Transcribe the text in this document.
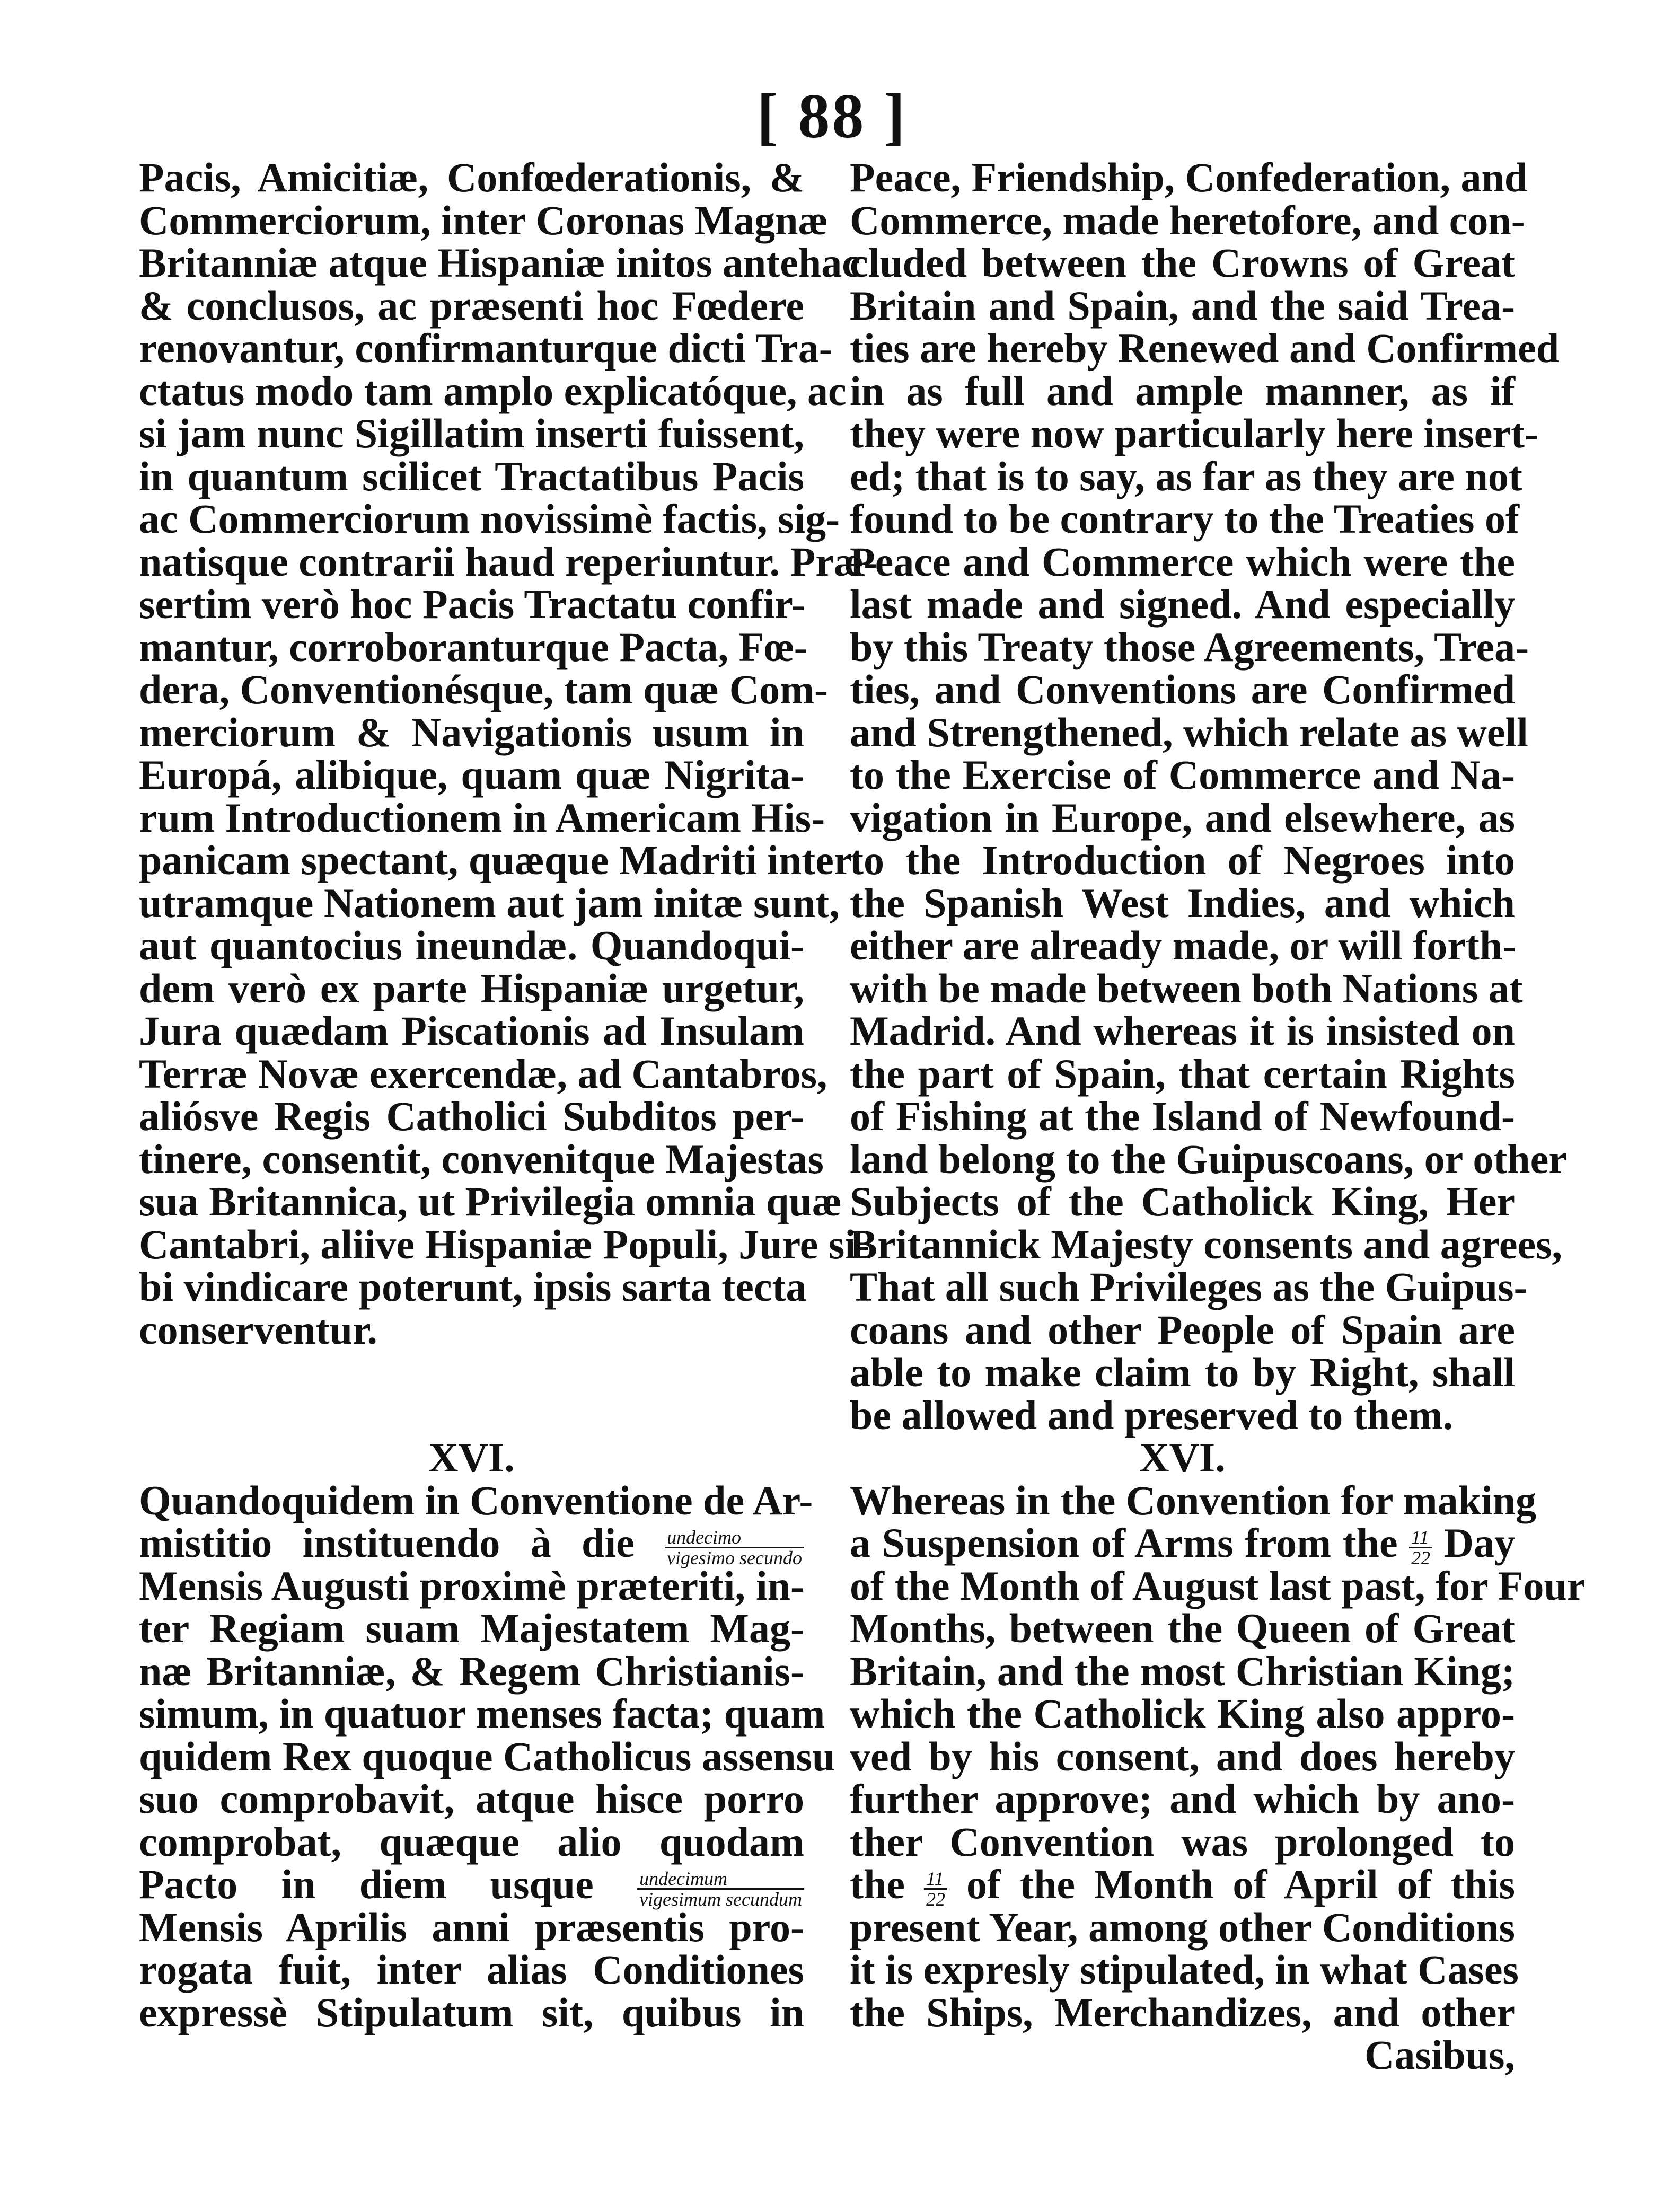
[ 88 ]
Pacis, Amicitiæ, Confœderationis, &
Commerciorum, inter Coronas Magnæ
Britanniæ atque Hispaniæ initos antehac
& conclusos, ac præsenti hoc Fœdere
renovantur, confirmanturque dicti Tra-
ctatus modo tam amplo explicatóque, ac
si jam nunc Sigillatim inserti fuissent,
in quantum scilicet Tractatibus Pacis
ac Commerciorum novissimè factis, sig-
natisque contrarii haud reperiuntur. Præ-
sertim verò hoc Pacis Tractatu confir-
mantur, corroboranturque Pacta, Fœ-
dera, Conventionésque, tam quæ Com-
merciorum & Navigationis usum in
Europá, alibique, quam quæ Nigrita-
rum Introductionem in Americam His-
panicam spectant, quæque Madriti inter
utramque Nationem aut jam initæ sunt,
aut quantocius ineundæ. Quandoqui-
dem verò ex parte Hispaniæ urgetur,
Jura quædam Piscationis ad Insulam
Terræ Novæ exercendæ, ad Cantabros,
aliósve Regis Catholici Subditos per-
tinere, consentit, convenitque Majestas
sua Britannica, ut Privilegia omnia quæ
Cantabri, aliive Hispaniæ Populi, Jure si-
bi vindicare poterunt, ipsis sarta tecta
conserventur.
XVI.
Quandoquidem in Conventione de Ar-
mistitio instituendo à die $\frac{\text{undecimo}}{\text{vigesimo secundo}}$
Mensis Augusti proximè præteriti, in-
ter Regiam suam Majestatem Mag-
næ Britanniæ, & Regem Christianis-
simum, in quatuor menses facta; quam
quidem Rex quoque Catholicus assensu
suo comprobavit, atque hisce porro
comprobat, quæque alio quodam
Pacto in diem usque $\frac{\text{undecimum}}{\text{vigesimum secundum}}$
Mensis Aprilis anni præsentis pro-
rogata fuit, inter alias Conditiones
expressè Stipulatum sit, quibus in
Peace, Friendship, Confederation, and
Commerce, made heretofore, and con-
cluded between the Crowns of Great
Britain and Spain, and the said Trea-
ties are hereby Renewed and Confirmed
in as full and ample manner, as if
they were now particularly here insert-
ed; that is to say, as far as they are not
found to be contrary to the Treaties of
Peace and Commerce which were the
last made and signed. And especially
by this Treaty those Agreements, Trea-
ties, and Conventions are Confirmed
and Strengthened, which relate as well
to the Exercise of Commerce and Na-
vigation in Europe, and elsewhere, as
to the Introduction of Negroes into
the Spanish West Indies, and which
either are already made, or will forth-
with be made between both Nations at
Madrid. And whereas it is insisted on
the part of Spain, that certain Rights
of Fishing at the Island of Newfound-
land belong to the Guipuscoans, or other
Subjects of the Catholick King, Her
Britannick Majesty consents and agrees,
That all such Privileges as the Guipus-
coans and other People of Spain are
able to make claim to by Right, shall
be allowed and preserved to them.
XVI.
Whereas in the Convention for making
a Suspension of Arms from the $\frac{11}{22}$ Day
of the Month of August last past, for Four
Months, between the Queen of Great
Britain, and the most Christian King;
which the Catholick King also appro-
ved by his consent, and does hereby
further approve; and which by ano-
ther Convention was prolonged to
the $\frac{11}{22}$ of the Month of April of this
present Year, among other Conditions
it is expresly stipulated, in what Cases
the Ships, Merchandizes, and other
Casibus,
